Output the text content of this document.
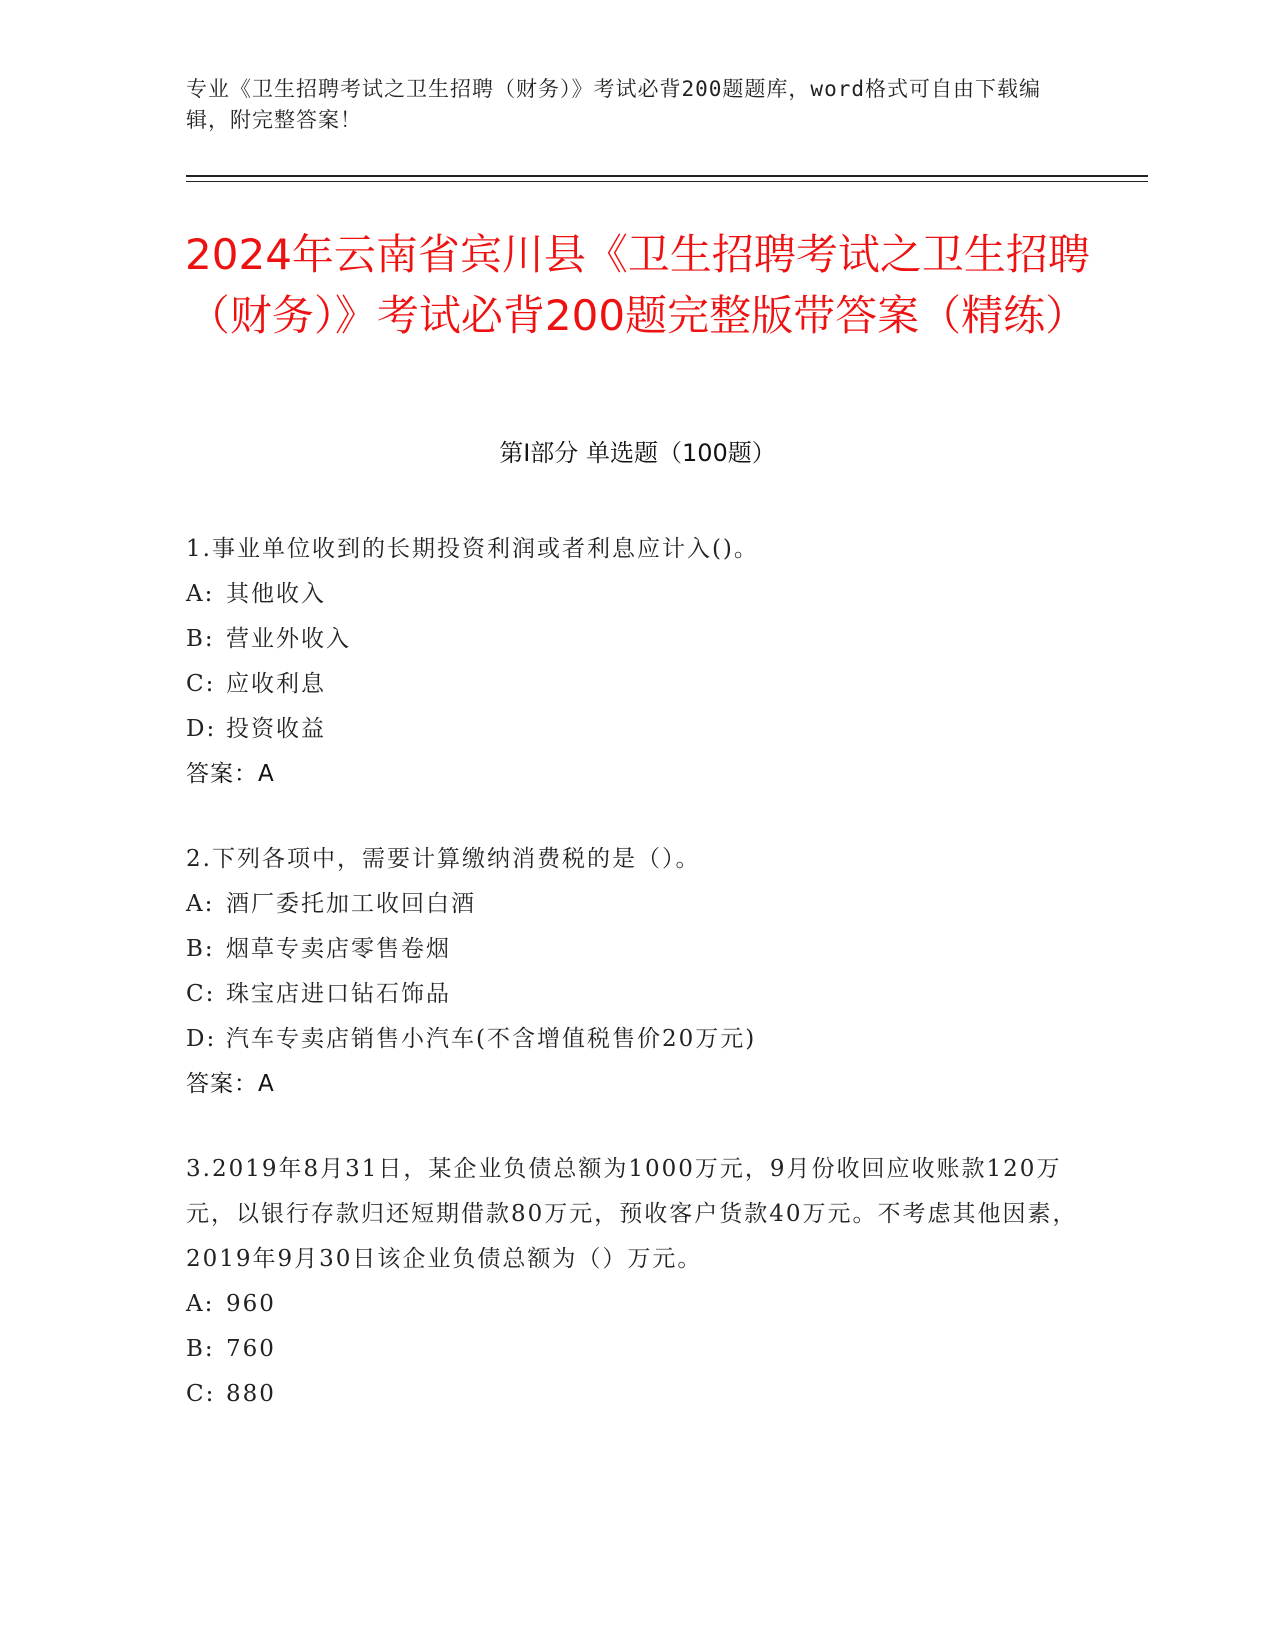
专业《卫生招聘考试之卫生招聘（财务）》考试必背200题题库，word格式可自由下载编辑，附完整答案！
2024年云南省宾川县《卫生招聘考试之卫生招聘（财务）》考试必背200题完整版带答案（精练）
第I部分 单选题（100题）

1.事业单位收到的长期投资利润或者利息应计入()。

A: 其他收入

B: 营业外收入

C: 应收利息

D: 投资收益

答案：A

2.下列各项中，需要计算缴纳消费税的是（）。

A: 酒厂委托加工收回白酒

B: 烟草专卖店零售卷烟

C: 珠宝店进口钻石饰品

D: 汽车专卖店销售小汽车(不含增值税售价20万元)

答案：A

3.2019年8月31日，某企业负债总额为1000万元，9月份收回应收账款120万元，以银行存款归还短期借款80万元，预收客户货款40万元。不考虑其他因素，2019年9月30日该企业负债总额为（）万元。

A: 960

B: 760

C: 880
